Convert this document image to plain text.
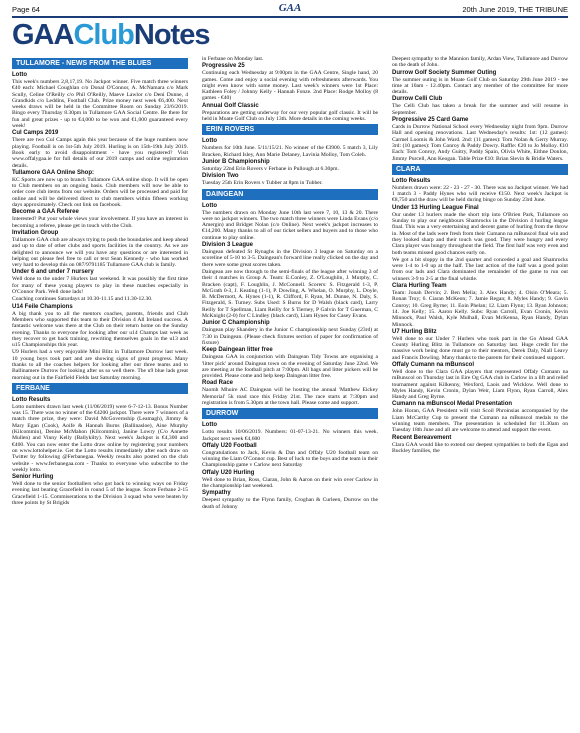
Page 64	GAA	20th June 2019, THE TRIBUNE
GAA Club Notes
TULLAMORE - NEWS FROM THE BLUES
Lotto
This week's numbers 2,8,17,19. No Jackpot winner. Five match three winners €40 each: Michael Coughlan c/o Donal O'Connor, A. McNamara c/o Mark Scully, Celine O'Reilly c/o Phil O'Reilly, Maeve Lawlor c/o Deni Dunne, 4 Grandkids c/o Leddins, Football Club. Prize money next week €6,400. Next weeks draws will be held in the Committee Room on Sunday 23/6/2019. Bingo every Thursday 8.30pm in Tullamore GAA Social Centre. Be there for fun and great prizes - up to €4,000 to be won and €1,000 guaranteed every week!
Cul Camps 2019
There are two Cul Camps again this year because of the huge numbers now playing. Football is on 1st-5th July 2019. Hurling is on 15th-19th July 2019. Book early to avoid disappointment - have you registered? Visit www.offalygaa.ie for full details of our 2019 camps and online registration details.
Tullamore GAA Online Shop:
KC Sports are now up to branch Tullamore GAA online shop. It will be open to Club members on an ongoing basis. Club members will now be able to order core club items from our website. Orders will be processed and paid for online and will be delivered direct to club members within fifteen working days approximately. Check out link on facebook.
Become a GAA Referee
Interested? Put your whole views your involvement. If you have an interest in becoming a referee, please get in touch with the Club.
Invitation Group
Tullamore GAA club are always trying to push the boundaries and keep ahead and up to date of other clubs and sports facilities in the country. As we are delighted to announce we will you have any questions or are interested in helping out please feel free to call or text Sean Kennedy - who has worked very hard to develop this on 087/9791185 Tullamore GAA club is family.
Under 6 and under 7 nursery
Well done to the under 7 Hurlers last weekend. It was possibly the first time for many of these young players to play in these matches especially in O'Connor Park. Well done lads!
Coaching continues Saturdays at 10.30-11.15 and 11.30-12.30.
U14 Feile Champions
A big thank you to all the mentors coaches, parents, friends and Club Members who supported this team to their Division 4 All Ireland success. A fantastic welcome was there at the Club on their return home on the Sunday evening. Thanks to everyone for looking after our u14 Champs last week as they recover to get back training, rewriting themselves goals in the u13 and u15 Championships this year.
U9 Hurlers had a very enjoyable Mini Blitz in Tullamore Durrow last week. 10 young boys took part and are showing signs of great progress. Many thanks to all the coaches helpers for looking after our three teams and to Ballinamere Durrow for looking after us so well there. The u9 blue lads great morning out in the Fairfield Fields last Saturday morning.
FERBANE
Lotto Results
Lotto numbers drawn last week (11/06/2019) were 6-7-12-13. Bonus Number was 15. There was no winner of the €4200 jackpot. There were 7 winners of a match three prize, they were: David McGovernship (Leamagh), Jimmy & Mary Egan (Cook), Aoife & Hannah Burns (Ballinasloe), Aine Murphy (Kilcommin), Denise McMahon (Kilcommin), Janine Lowry (C/o Annette Mullen) and Vinny Kelly (Ballykilty). Next week's Jackpot is €4,300 and €400. You can now enter the Lotto draw online by registering your numbers on www.lottohelper.ie. Get the Lotto results immediately after each draw on Twitter by following @Ferbanegaa. Weekly results also posted on the club website - www.ferbanegaa.com - Thanks to everyone who subscribe to the weekly lotto.
Senior Hurling
Well done to the senior footballers who got back to winning ways on Friday evening last beating Gracefield in round 5 of the league. Score Ferbane 2-15 Gracefield 1-15. Commiserations to the Division 3 squad who were beaten by three points by St Brigids
in Ferbane on Monday last.
Progressive 25
Continuing each Wednesday at 9:00pm in the GAA Centre, Single hand, 20 games. Come and enjoy a social evening with refreshments afterwards. You might even know with some money. Last week's winners were 1st Place: Kathleen Foley / Johnny Kelly - Hannah Fonze. 2nd Place: Rodge Molloy (8 games - €40)
Annual Golf Classic
Preparations are getting underway for our very popular golf classic. It will be held in Moate Golf Club on July 13th. More details in the coming weeks.
ERIN ROVERS
Lotto
Numbers for 10th June. 5/11/15/21. No winner of the €3900. 5 match 3, Lily Bracken, Richard Isley, Ann Marie Delaney, Lavinia Molloy, Tom Coleh.
Junior B Championship
Saturday 22nd Erin Rovers v Ferbane in Pullough at 6.30pm.
Division Two
Tuesday 25th Erin Rovers v Tubber at 8pm in Tubber.
DAINGEAN
Lotto
The numbers drawn on Monday June 10th last were 7, 10, 13 & 20. There were no jackpot winners. The two match three winners were Linda Evans (c/o Amergin) and Bridget Nolan (c/o Online). Next week's jackpot increases to €14,200. Many thanks to all of our ticket sellers and buyers and to those who continue to play online.
Division 3 League
Daingean defeated St Rynaghs in the Division 3 league on Saturday on a scoreline of 5-10 to 3-5. Daingean's forward line really clicked on the day and there were some great scores taken.
Daingean are now through to the semi-finals of the league after winning 3 of their 4 matches in Group A. Team: E.Conley, Z. O'Loughlin, J. Murphy, C. Bracken (capt), F. Loughlin, J. McConnell. Scorers: S. Fitzgerald 1-3, P. McGrath 0-3, J. Keating (1-1), P. Dowling, A. Whelan, O. Murphy, L. Doyle, B. McDermott, A. Hynes (1-1), R. Clifford, F. Ryan, M. Dunne, N. Daly, S. Fitzgerald, S. Turney. Subs Used: S Burns for D Walsh (black card), Larry Reilly for T Spellman, Liam Reilly for S Tierney, P Galvin for T Guerman, C McKnight (2-0) for C Lindley (black card), Liam Hynes for Casey Evans.
Junior C Championship
Daingean play Shandery in the Junior C championship next Sunday (23rd) at 7:30 in Daingean. (Please check fixtures section of paper for confirmation of fixture)
Keep Daingean litter free
Daingean GAA in conjunction with Daingean Tidy Towns are organising a 'litter pick' around Daingean town on the evening of Saturday June 22nd. We are meeting at the football pitch at 7:00pm. All bags and litter pickers will be provided. Please come and help keep Daingean litter free.
Road Race
Naomh Mhuire AC Daingean will be hosting the annual 'Matthew Eickey Memorial' 5k road race this Friday 21st. The race starts at 7:30pm and registration is from 5.30pm at the town hall. Please come and support.
DURROW
Lotto
Lotto results 10/06/2019. Numbers: 01-07-13-21. No winners this week. Jackpot next week €4,600
Offaly U20 Football
Congratulations to Jack, Kevin & Dan and Offaly U20 football team on winning the Liam O'Connor cup. Best of luck to the boys and the team in their Championship game v Carlow next Saturday
Offaly U20 Hurling
Well done to Brian, Ross, Ciaran, John & Aaron on their win over Carlow in the championship last weekend.
Sympathy
Deepest sympathy to the Flynn family, Croghan & Curleen, Durrow on the death of Johnny
Deepest sympathy to the Mannion family, Ardan View, Tullamore and Durrow on the death of John.
Durrow Golf Society Summer Outing
The summer outing is in Moate Golf Club on Saturday 29th June 2019 - tee time at 10am - 12.40pm. Contact any member of the committee for more details.
Durrow Celli Club
The Celli Club has taken a break for the summer and will resume in September.
Progressive 25 Card Game
Cards in Durrow National School every Wednesday night from 9pm. Durrow Hall and opening renovations. Last Wednesday's results: 1st: (12 games): Carmel Loomis & John Ward. 2nd: (11 games): Tom Nolan & Gerry Murray. 3rd: (10 games): Tom Conroy & Paddy Dowry. Raffle: €20 to Jo Molloy. €10 Each: Tom Conroy, Andy Guitry, Paddy Spain, Olivia White, Eithne Donlon, Jimmy Purcell, Ann Keogan. Table Prize €10: Brian Slevin & Bridie Waters.
CLARA
Lotto Results
Numbers drawn were: 22 - 23 - 27 - 30. There was no Jackpot winner. We had 1 match 3 - Paddy Hynes who will receive €150. Next week's Jackpot is €8,750 and the draw will be held during bingo on Sunday 23rd June.
Under 13 Hurling League Final
Our under 13 hurlers made the short trip into O'Brien Park, Tullamore on Sunday to play our neighbours Shamrocks in the Division 4 hurling league final. This was a very entertaining and decent game of hurling from the throw in. Most of the lads were fresh from their Cumann na mBunscol final win and they looked sharp and their touch was good. They were hungry and every Clara player was hungry throughout the field. The first half was very even and both teams missed good chances early on.
We got a bit sloppy in the 2nd quarter and conceded a goal and Shamrocks were 1-4 to 1-0 up at the half. The last action of the half was a good point from our lads and Clara dominated the remainder of the game to run out winners 3-9 to 2-5 at the final whistle.
Clara Hurling Team
Team: Jonah Dervin; 2. Ben Melia; 3. Alex Handy; 4. Oisin O'Meara; 5. Ronan Troy; 6. Ciaran McKeon; 7. Jamie Regan; 8. Myles Handy; 9. Gavin Conroy; 10. Greg Byrne; 11. Eoin Phelan; 12. Liam Flynn; 13. Ryan Johnson; 14. Joe Kelly; 15. Aaron Kelly. Subs: Ryan Carroll, Evan Cronin, Kevin Minnock, Paul Walsh, Kyle Mulhall, Evan McKenna, Ryan Handy, Dylan Minnock.
U7 Hurling Blitz
Well done to our Under 7 Hurlers who took part in the Go Ahead GAA County Hurling Blitz in Tullamore on Saturday last. Huge credit for the massive work being done must go to their mentors, Derek Daly, Niall Leavy and Francis Dowling. Many thanks to the parents for their continued support.
Offaly Cumann na mBunscol
Well done to the Clara GAA players that represented Offaly Cumann na mBunscol on Thursday last in Eire Og GAA club in Carlow in a lift and relief tournament against Kilkenny, Wexford, Laois and Wicklow. Well done to Myles Handy, Kevin Cronin, Dylan Weir, Liam Flynn, Ryan Carroll, Alex Handy and Greg Byrne.
Cumann na mBunscol Medal Presentation
John Horan, GAA President will visit Scoil Phroinsias accompanied by the Liam McCarthy Cup to present the Cumann na mBunscol medals to the winning team members. The presentation is scheduled for 11.30am on Tuesday 18th June and all are welcome to attend and support the event.
Recent Bereavement
Clara GAA would like to extend our deepest sympathies to both the Egan and Buckley families, the
